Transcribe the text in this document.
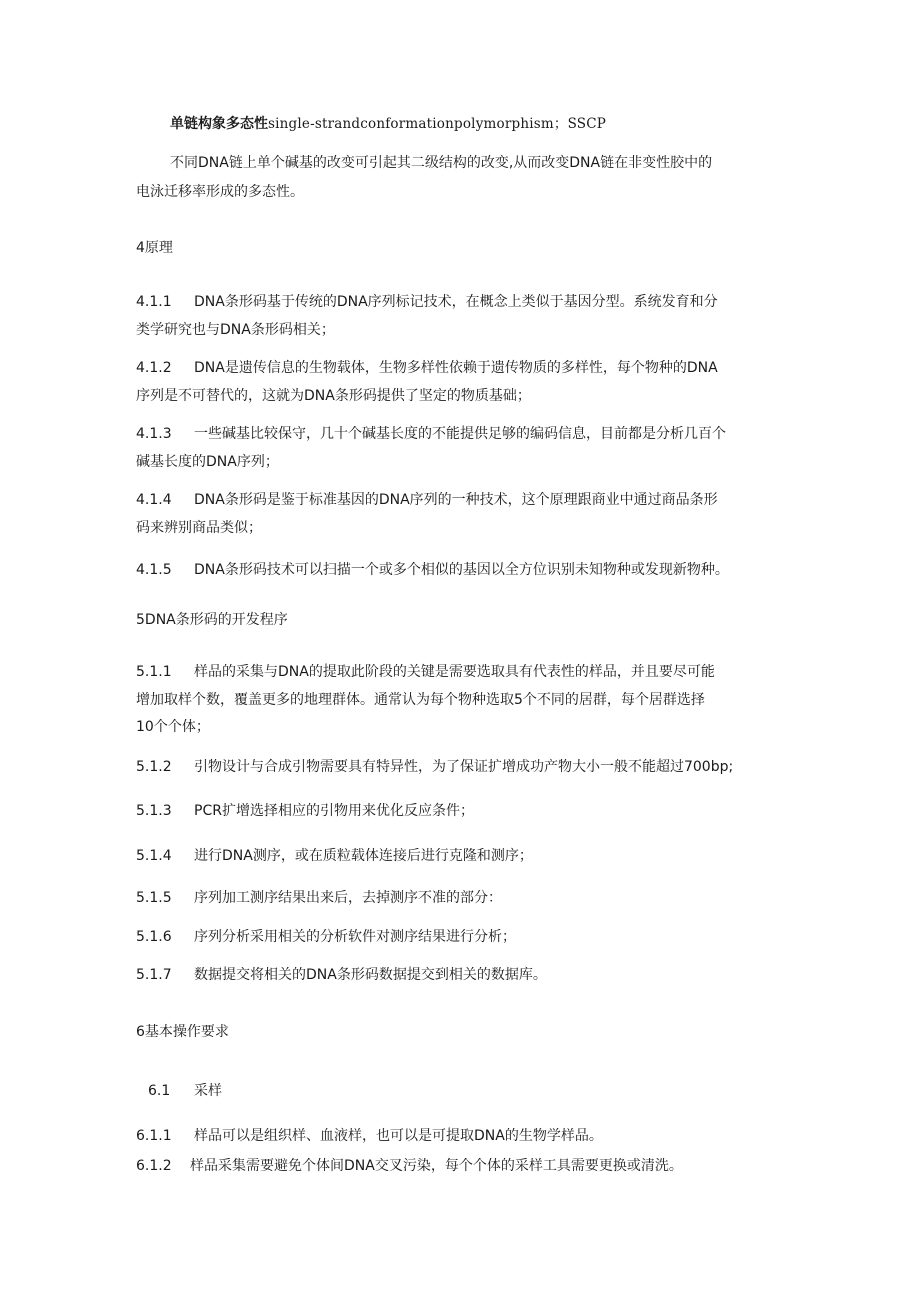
单链构象多态性single-strandconformationpolymorphism；SSCP
不同DNA链上单个碱基的改变可引起其二级结构的改变,从而改变DNA链在非变性胶中的
电泳迁移率形成的多态性。
4原理
4.1.1 DNA条形码基于传统的DNA序列标记技术，在概念上类似于基因分型。系统发育和分
类学研究也与DNA条形码相关；
4.1.2 DNA是遗传信息的生物载体，生物多样性依赖于遗传物质的多样性，每个物种的DNA
序列是不可替代的，这就为DNA条形码提供了坚定的物质基础；
4.1.3 一些碱基比较保守，几十个碱基长度的不能提供足够的编码信息，目前都是分析几百个
碱基长度的DNA序列；
4.1.4 DNA条形码是鉴于标准基因的DNA序列的一种技术，这个原理跟商业中通过商品条形
码来辨别商品类似；
4.1.5 DNA条形码技术可以扫描一个或多个相似的基因以全方位识别未知物种或发现新物种。
5DNA条形码的开发程序
5.1.1 样品的采集与DNA的提取此阶段的关键是需要选取具有代表性的样品，并且要尽可能
增加取样个数，覆盖更多的地理群体。通常认为每个物种选取5个不同的居群，每个居群选择
10个个体；
5.1.2 引物设计与合成引物需要具有特异性，为了保证扩增成功产物大小一般不能超过700bp;
5.1.3 PCR扩增选择相应的引物用来优化反应条件；
5.1.4 进行DNA测序，或在质粒载体连接后进行克隆和测序；
5.1.5 序列加工测序结果出来后，去掉测序不准的部分：
5.1.6 序列分析采用相关的分析软件对测序结果进行分析；
5.1.7 数据提交将相关的DNA条形码数据提交到相关的数据库。
6基本操作要求
6.1 采样
6.1.1 样品可以是组织样、血液样，也可以是可提取DNA的生物学样品。
6.1.2 样品采集需要避免个体间DNA交叉污染，每个个体的采样工具需要更换或清洗。
